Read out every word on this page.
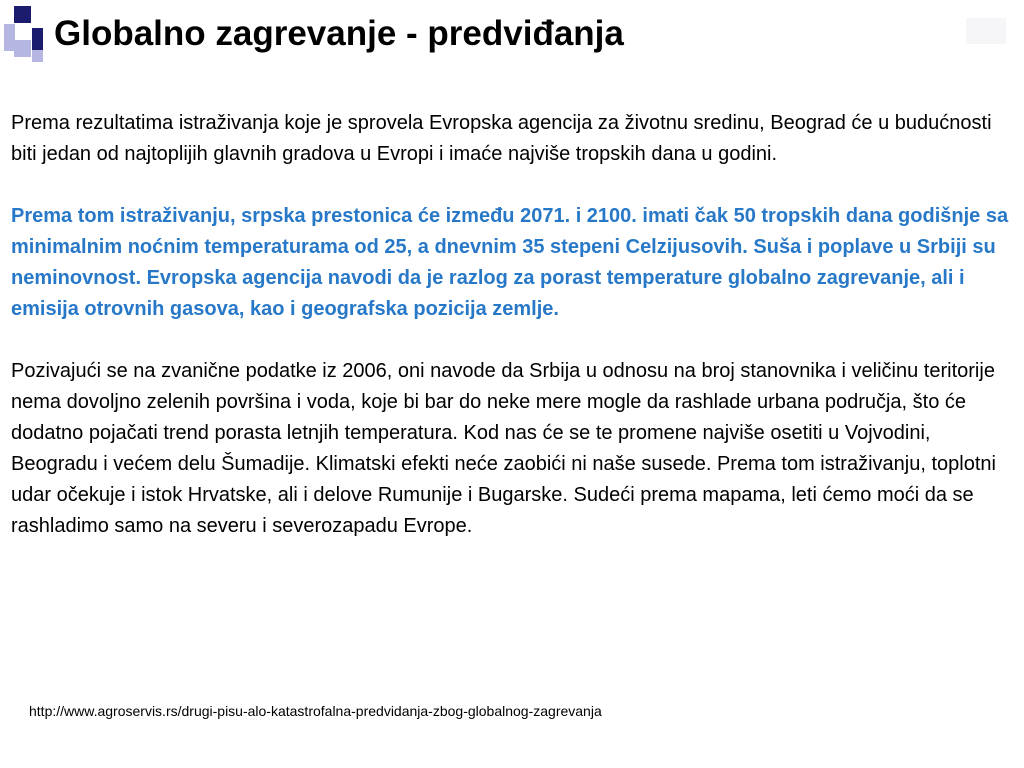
Globalno zagrevanje - predviđanja

Prema rezultatima istraživanja koje je sprovela Evropska agencija za životnu sredinu, Beograd će u budućnosti biti jedan od najtoplijih glavnih gradova u Evropi i imaće najviše tropskih dana u godini.

Prema tom istraživanju, srpska prestonica će između 2071. i 2100. imati čak 50 tropskih dana godišnje sa minimalnim noćnim temperaturama od 25, a dnevnim 35 stepeni Celzijusovih. Suša i poplave u Srbiji su neminovnost. Evropska agencija navodi da je razlog za porast temperature globalno zagrevanje, ali i emisija otrovnih gasova, kao i geografska pozicija zemlje.

Pozivajući se na zvanične podatke iz 2006, oni navode da Srbija u odnosu na broj stanovnika i veličinu teritorije nema dovoljno zelenih površina i voda, koje bi bar do neke mere mogle da rashlade urbana područja, što će dodatno pojačati trend porasta letnjih temperatura. Kod nas će se te promene najviše osetiti u Vojvodini, Beogradu i većem delu Šumadije. Klimatski efekti neće zaobići ni naše susede. Prema tom istraživanju, toplotni udar očekuje i istok Hrvatske, ali i delove Rumunije i Bugarske. Sudeći prema mapama, leti ćemo moći da se rashladimo samo na severu i severozapadu Evrope.

http://www.agroservis.rs/drugi-pisu-alo-katastrofalna-predvidanja-zbog-globalnog-zagrevanja
